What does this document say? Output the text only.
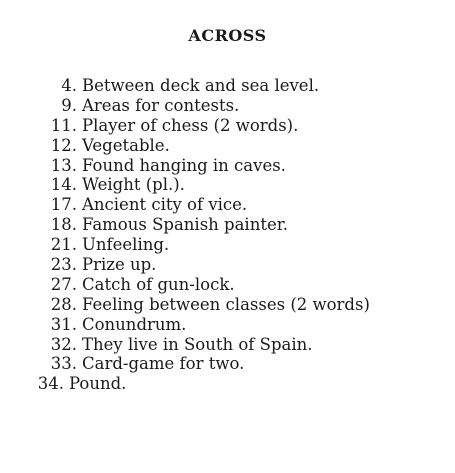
ACROSS
4. Between deck and sea level.
9. Areas for contests.
11. Player of chess (2 words).
12. Vegetable.
13. Found hanging in caves.
14. Weight (pl.).
17. Ancient city of vice.
18. Famous Spanish painter.
21. Unfeeling.
23. Prize up.
27. Catch of gun-lock.
28. Feeling between classes (2 words)
31. Conundrum.
32. They live in South of Spain.
33. Card-game for two.
34. Pound.
